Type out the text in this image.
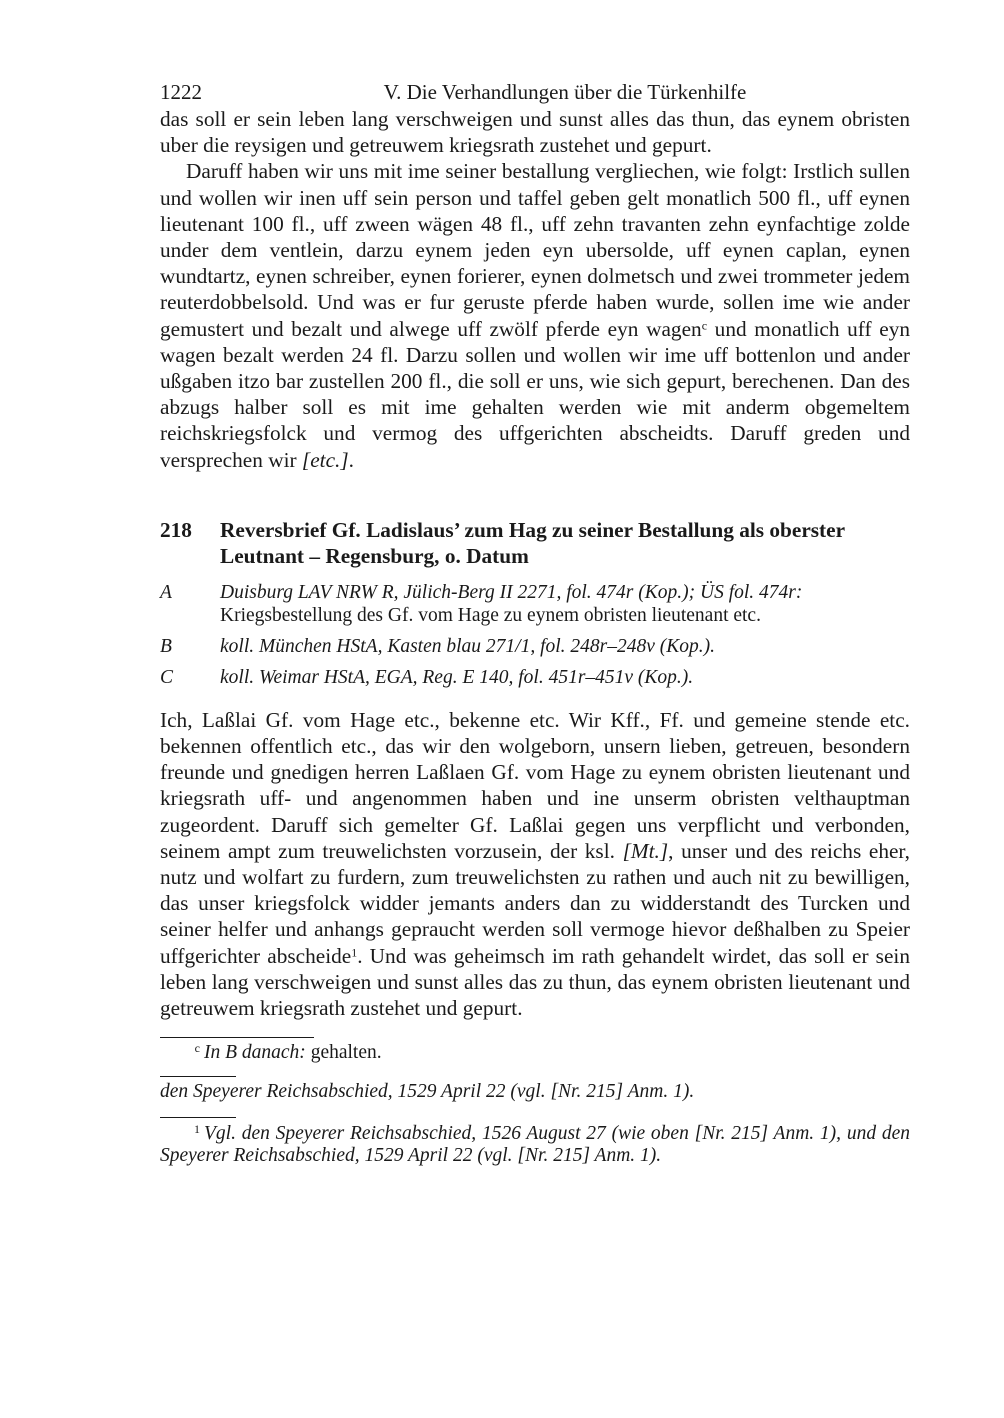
1222	V. Die Verhandlungen über die Türkenhilfe

das soll er sein leben lang verschweigen und sunst alles das thun, das eynem obristen uber die reysigen und getreuwem kriegsrath zustehet und gepurt.

Daruff haben wir uns mit ime seiner bestallung vergliechen, wie folgt: Irstlich sullen und wollen wir inen uff sein person und taffel geben gelt monatlich 500 fl., uff eynen lieutenant 100 fl., uff zween wägen 48 fl., uff zehn travanten zehn eynfachtige zolde under dem ventlein, darzu eynem jeden eyn ubersolde, uff eynen caplan, eynen wundtartz, eynen schreiber, eynen forierer, eynen dolmetsch und zwei trommeter jedem reuterdobbelsold. Und was er fur geruste pferde haben wurde, sollen ime wie ander gemustert und bezalt und alwege uff zwölf pferde eyn wagen$^c$ und monatlich uff eyn wagen bezalt werden 24 fl. Darzu sollen und wollen wir ime uff bottenlon und ander ußgaben itzo bar zustellen 200 fl., die soll er uns, wie sich gepurt, berechenen. Dan des abzugs halber soll es mit ime gehalten werden wie mit anderm obgemeltem reichskriegsfolck und vermog des uffgerichten abscheidts. Daruff greden und versprechen wir [etc.].

218	Reversbrief Gf. Ladislaus’ zum Hag zu seiner Bestallung als oberster Leutnant – Regensburg, o. Datum
A	Duisburg LAV NRW R, Jülich-Berg II 2271, fol. 474r (Kop.); ÜS fol. 474r:
Kriegsbestellung des Gf. vom Hage zu eynem obristen lieutenant etc.
B	koll. München HStA, Kasten blau 271/1, fol. 248r–248v (Kop.).
C	koll. Weimar HStA, EGA, Reg. E 140, fol. 451r–451v (Kop.).

Ich, Laßlai Gf. vom Hage etc., bekenne etc. Wir Kff., Ff. und gemeine stende etc. bekennen offentlich etc., das wir den wolgeborn, unsern lieben, getreuen, besondern freunde und gnedigen herren Laßlaen Gf. vom Hage zu eynem obristen lieutenant und kriegsrath uff- und angenommen haben und ine unserm obristen velthauptman zugeordent. Daruff sich gemelter Gf. Laßlai gegen uns verpflicht und verbonden, seinem ampt zum treuwelichsten vorzusein, der ksl. [Mt.], unser und des reichs eher, nutz und wolfart zu furdern, zum treuwelichsten zu rathen und auch nit zu bewilligen, das unser kriegsfolck widder jemants anders dan zu widderstandt des Turcken und seiner helfer und anhangs gepraucht werden soll vermoge hievor deßhalben zu Speier uffgerichter abscheide$^1$. Und was geheimsch im rath gehandelt wirdet, das soll er sein leben lang verschweigen und sunst alles das zu thun, das eynem obristen lieutenant und getreuwem kriegsrath zustehet und gepurt.

$^c$ In B danach: gehalten.
den Speyerer Reichsabschied, 1529 April 22 (vgl. [Nr. 215] Anm. 1).
$^1$ Vgl. den Speyerer Reichsabschied, 1526 August 27 (wie oben [Nr. 215] Anm. 1), und den Speyerer Reichsabschied, 1529 April 22 (vgl. [Nr. 215] Anm. 1).
